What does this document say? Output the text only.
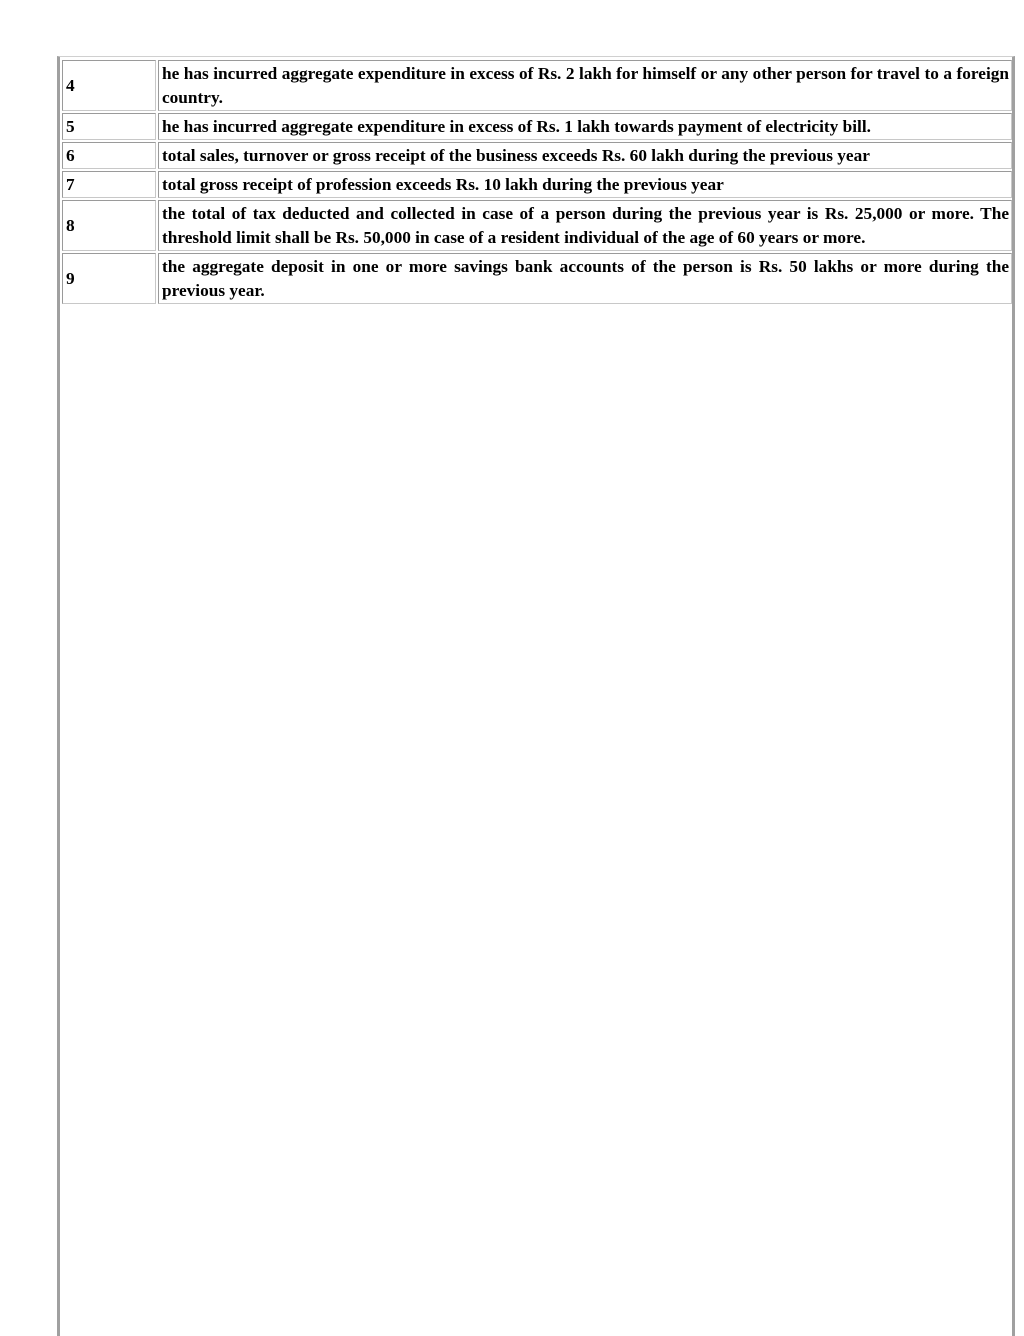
4	he has incurred aggregate expenditure in excess of Rs. 2 lakh for himself or any other person for travel to a foreign country.
5	he has incurred aggregate expenditure in excess of Rs. 1 lakh towards payment of electricity bill.
6	total sales, turnover or gross receipt of the business exceeds Rs. 60 lakh during the previous year
7	total gross receipt of profession exceeds Rs. 10 lakh during the previous year
8	the total of tax deducted and collected in case of a person during the previous year is Rs. 25,000 or more. The threshold limit shall be Rs. 50,000 in case of a resident individual of the age of 60 years or more.
9	the aggregate deposit in one or more savings bank accounts of the person is Rs. 50 lakhs or more during the previous year.
